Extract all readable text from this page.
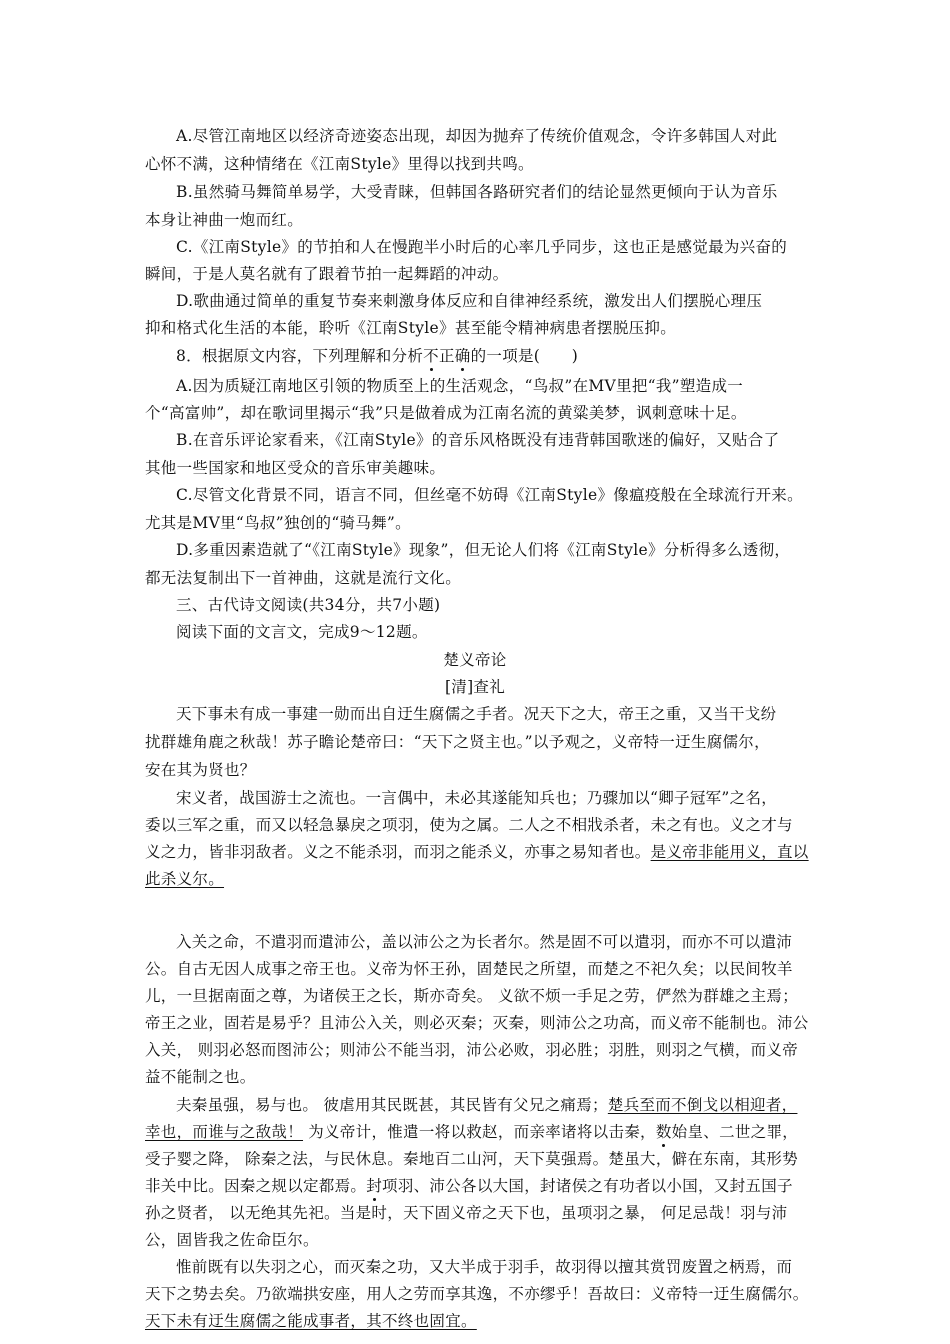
A.尽管江南地区以经济奇迹姿态出现，却因为抛弃了传统价值观念，令许多韩国人对此
心怀不满，这种情绪在《江南Style》里得以找到共鸣。
B.虽然骑马舞简单易学，大受青睐，但韩国各路研究者们的结论显然更倾向于认为音乐
本身让神曲一炮而红。
C.《江南Style》的节拍和人在慢跑半小时后的心率几乎同步，这也正是感觉最为兴奋的
瞬间，于是人莫名就有了跟着节拍一起舞蹈的冲动。
D.歌曲通过简单的重复节奏来刺激身体反应和自律神经系统，激发出人们摆脱心理压
抑和格式化生活的本能，聆听《江南Style》甚至能令精神病患者摆脱压抑。
8．根据原文内容，下列理解和分析不正确的一项是(　　)
A.因为质疑江南地区引领的物质至上的生活观念，“鸟叔”在MV里把“我”塑造成一
个“高富帅”，却在歌词里揭示“我”只是做着成为江南名流的黄粱美梦，讽刺意味十足。
B.在音乐评论家看来，《江南Style》的音乐风格既没有违背韩国歌迷的偏好，又贴合了
其他一些国家和地区受众的音乐审美趣味。
C.尽管文化背景不同，语言不同，但丝毫不妨碍《江南Style》像瘟疫般在全球流行开来。
尤其是MV里“鸟叔”独创的“骑马舞”。
D.多重因素造就了“《江南Style》现象”，但无论人们将《江南Style》分析得多么透彻，
都无法复制出下一首神曲，这就是流行文化。
三、古代诗文阅读(共34分，共7小题)
阅读下面的文言文，完成9～12题。
楚义帝论
[清]查礼
天下事未有成一事建一勋而出自迂生腐儒之手者。况天下之大，帝王之重，又当干戈纷
扰群雄角鹿之秋哉！苏子瞻论楚帝曰：“天下之贤主也。”以予观之，义帝特一迂生腐儒尔，
安在其为贤也？
宋义者，战国游士之流也。一言偶中，未必其遂能知兵也；乃骤加以“卿子冠军”之名，
委以三军之重，而又以轻急暴戾之项羽，使为之属。二人之不相戕杀者，未之有也。义之才与
义之力，皆非羽敌者。义之不能杀羽，而羽之能杀义，亦事之易知者也。是义帝非能用义，直以
此杀义尔。
入关之命，不遣羽而遣沛公，盖以沛公之为长者尔。然是固不可以遣羽，而亦不可以遣沛
公。自古无因人成事之帝王也。义帝为怀王孙，固楚民之所望，而楚之不祀久矣；以民间牧羊
儿，一旦据南面之尊，为诸侯王之长，斯亦奇矣。 义欲不烦一手足之劳，俨然为群雄之主焉；
帝王之业，固若是易乎？且沛公入关，则必灭秦；灭秦，则沛公之功高，而义帝不能制也。沛公
入关， 则羽必怒而图沛公；则沛公不能当羽，沛公必败，羽必胜；羽胜，则羽之气横，而义帝
益不能制之也。
夫秦虽强，易与也。 彼虐用其民既甚，其民皆有父兄之痛焉；楚兵至而不倒戈以相迎者，
幸也，而谁与之敌哉！ 为义帝计，惟遣一将以救赵，而亲率诸将以击秦，数始皇、二世之罪，
受子婴之降， 除秦之法，与民休息。秦地百二山河，天下莫强焉。楚虽大，僻在东南，其形势
非关中比。因秦之规以定都焉。封项羽、沛公各以大国，封诸侯之有功者以小国，又封五国子
孙之贤者， 以无绝其先祀。当是时，天下固义帝之天下也，虽项羽之暴， 何足忌哉！羽与沛
公，固皆我之佐命臣尔。
惟前既有以失羽之心，而灭秦之功，又大半成于羽手，故羽得以擅其赏罚废置之柄焉，而
天下之势去矣。乃欲端拱安座，用人之劳而享其逸，不亦缪乎！吾故曰：义帝特一迂生腐儒尔。
天下未有迂生腐儒之能成事者，其不终也固宜。
